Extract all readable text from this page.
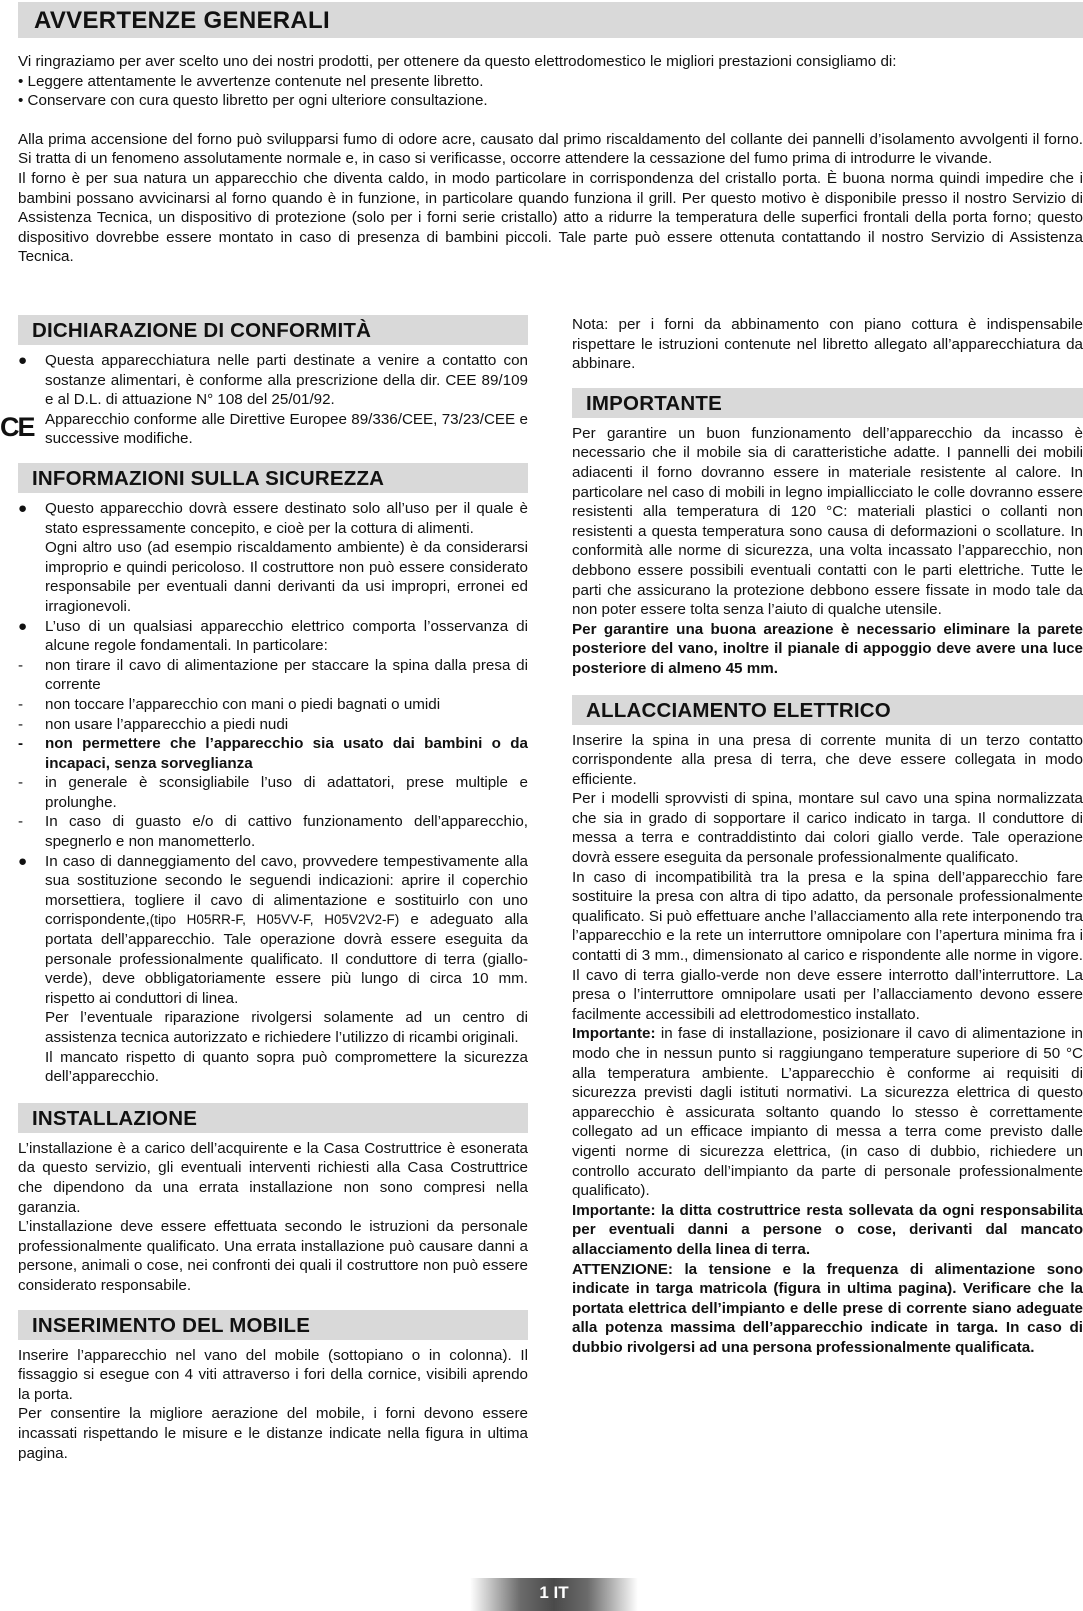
AVVERTENZE GENERALI

Vi ringraziamo per aver scelto uno dei nostri prodotti, per ottenere da questo elettrodomestico le migliori prestazioni consigliamo di:

• Leggere attentamente le avvertenze contenute nel presente libretto.

• Conservare con cura questo libretto per ogni ulteriore consultazione.

Alla prima accensione del forno può svilupparsi fumo di odore acre, causato dal primo riscaldamento del collante dei pannelli d’isolamento avvolgenti il forno. Si tratta di un fenomeno assolutamente normale e, in caso si verificasse, occorre attendere la cessazione del fumo prima di introdurre le vivande.

Il forno è per sua natura un apparecchio che diventa caldo, in modo particolare in corrispondenza del cristallo porta. È buona norma quindi impedire che i bambini possano avvicinarsi al forno quando è in funzione, in particolare quando funziona il grill. Per questo motivo è disponibile presso il nostro Servizio di Assistenza Tecnica, un dispositivo di protezione (solo per i forni serie cristallo) atto a ridurre la temperatura delle superfici frontali della porta forno; questo dispositivo dovrebbe essere montato in caso di presenza di bambini piccoli. Tale parte può essere ottenuta contattando il nostro Servizio di Assistenza Tecnica.

DICHIARAZIONE DI CONFORMITÀ
●	Questa apparecchiatura nelle parti destinate a venire a contatto con sostanze alimentari, è conforme alla prescrizione della dir. CEE 89/109 e al D.L. di attuazione N° 108 del 25/01/92.

CE Apparecchio conforme alle Direttive Europee 89/336/CEE, 73/23/CEE e successive modifiche.

INFORMAZIONI SULLA SICUREZZA
●	Questo apparecchio dovrà essere destinato solo all’uso per il quale è stato espressamente concepito, e cioè per la cottura di alimenti.

Ogni altro uso (ad esempio riscaldamento ambiente) è da considerarsi improprio e quindi pericoloso. Il costruttore non può essere considerato responsabile per eventuali danni derivanti da usi impropri, erronei ed irragionevoli.

●	L’uso di un qualsiasi apparecchio elettrico comporta l’osservanza di alcune regole fondamentali. In particolare:

-	non tirare il cavo di alimentazione per staccare la spina dalla presa di corrente

-	non toccare l’apparecchio con mani o piedi bagnati o umidi

-	non usare l’apparecchio a piedi nudi

-	non permettere che l’apparecchio sia usato dai bambini o da incapaci, senza sorveglianza

-	in generale è sconsigliabile l’uso di adattatori, prese multiple e prolunghe.

-	In caso di guasto e/o di cattivo funzionamento dell’apparecchio, spegnerlo e non manometterlo.

●	In caso di danneggiamento del cavo, provvedere tempestivamente alla sua sostituzione secondo le seguendi indicazioni: aprire il coperchio morsettiera, togliere il cavo di alimentazione e sostituirlo con uno corrispondente,(tipo H05RR-F, H05VV-F, H05V2V2-F) e adeguato alla portata dell’apparecchio. Tale operazione dovrà essere eseguita da personale professionalmente qualificato. Il conduttore di terra (giallo-verde), deve obbligatoriamente essere più lungo di circa 10 mm. rispetto ai conduttori di linea.

Per l’eventuale riparazione rivolgersi solamente ad un centro di assistenza tecnica autorizzato e richiedere l’utilizzo di ricambi originali.

Il mancato rispetto di quanto sopra può compromettere la sicurezza dell’apparecchio.

INSTALLAZIONE

L’installazione è a carico dell’acquirente e la Casa Costruttrice è esonerata da questo servizio, gli eventuali interventi richiesti alla Casa Costruttrice che dipendono da una errata installazione non sono compresi nella garanzia.

L’installazione deve essere effettuata secondo le istruzioni da personale professionalmente qualificato. Una errata installazione può causare danni a persone, animali o cose, nei confronti dei quali il costruttore non può essere considerato responsabile.

INSERIMENTO DEL MOBILE

Inserire l’apparecchio nel vano del mobile (sottopiano o in colonna). Il fissaggio si esegue con 4 viti attraverso i fori della cornice, visibili aprendo la porta.

Per consentire la migliore aerazione del mobile, i forni devono essere incassati rispettando le misure e le distanze indicate nella figura in ultima pagina.

Nota: per i forni da abbinamento con piano cottura è indispensabile rispettare le istruzioni contenute nel libretto allegato all’apparecchiatura da abbinare.

IMPORTANTE

Per garantire un buon funzionamento dell’apparecchio da incasso è necessario che il mobile sia di caratteristiche adatte. I pannelli dei mobili adiacenti il forno dovranno essere in materiale resistente al calore. In particolare nel caso di mobili in legno impiallicciato le colle dovranno essere resistenti alla temperatura di 120 °C: materiali plastici o collanti non resistenti a questa temperatura sono causa di deformazioni o scollature. In conformità alle norme di sicurezza, una volta incassato l’apparecchio, non debbono essere possibili eventuali contatti con le parti elettriche. Tutte le parti che assicurano la protezione debbono essere fissate in modo tale da non poter essere tolta senza l’aiuto di qualche utensile.

Per garantire una buona areazione è necessario eliminare la parete posteriore del vano, inoltre il pianale di appoggio deve avere una luce posteriore di almeno 45 mm.

ALLACCIAMENTO ELETTRICO

Inserire la spina in una presa di corrente munita di un terzo contatto corrispondente alla presa di terra, che deve essere collegata in modo efficiente.

Per i modelli sprovvisti di spina, montare sul cavo una spina normalizzata che sia in grado di sopportare il carico indicato in targa. Il conduttore di messa a terra e contraddistinto dai colori giallo verde. Tale operazione dovrà essere eseguita da personale professionalmente qualificato.

In caso di incompatibilità tra la presa e la spina dell’apparecchio fare sostituire la presa con altra di tipo adatto, da personale professionalmente qualificato. Si può effettuare anche l’allacciamento alla rete interponendo tra l’apparecchio e la rete un interruttore omnipolare con l’apertura minima fra i contatti di 3 mm., dimensionato al carico e rispondente alle norme in vigore. Il cavo di terra giallo-verde non deve essere interrotto dall’interruttore. La presa o l’interruttore omnipolare usati per l’allacciamento devono essere facilmente accessibili ad elettrodomestico installato.

Importante: in fase di installazione, posizionare il cavo di alimentazione in modo che in nessun punto si raggiungano temperature superiore di 50 °C alla temperatura ambiente. L’apparecchio è conforme ai requisiti di sicurezza previsti dagli istituti normativi. La sicurezza elettrica di questo apparecchio è assicurata soltanto quando lo stesso è correttamente collegato ad un efficace impianto di messa a terra come previsto dalle vigenti norme di sicurezza elettrica, (in caso di dubbio, richiedere un controllo accurato dell’impianto da parte di personale professionalmente qualificato).

Importante: la ditta costruttrice resta sollevata da ogni responsabilita per eventuali danni a persone o cose, derivanti dal mancato allacciamento della linea di terra.

ATTENZIONE: la tensione e la frequenza di alimentazione sono indicate in targa matricola (figura in ultima pagina). Verificare che la portata elettrica dell’impianto e delle prese di corrente siano adeguate alla potenza massima dell’apparecchio indicate in targa. In caso di dubbio rivolgersi ad una persona professionalmente qualificata.

1 IT
